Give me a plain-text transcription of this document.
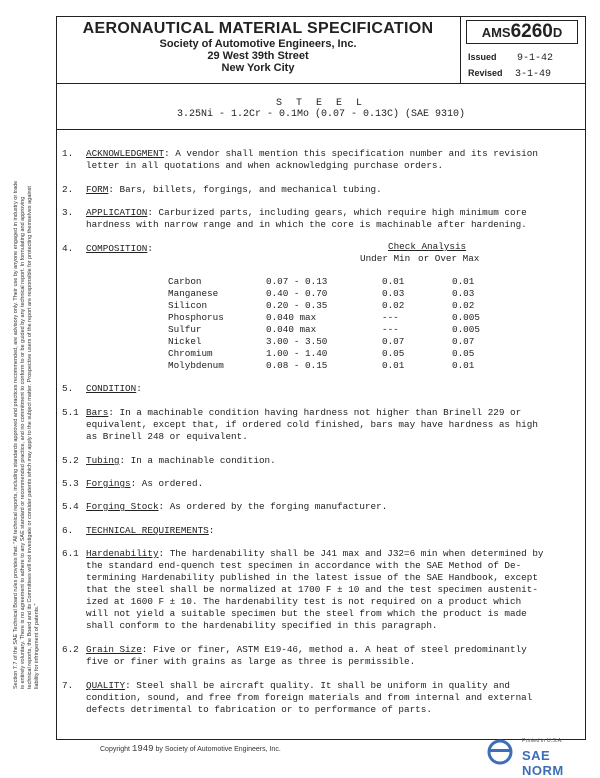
AERONAUTICAL MATERIAL SPECIFICATION
Society of Automotive Engineers, Inc.
29 West 39th Street
New York City
AMS6260D
Issued 9-1-42
Revised 3-1-49
S T E E L
3.25Ni - 1.2Cr - 0.1Mo (0.07 - 0.13C) (SAE 9310)
1. ACKNOWLEDGMENT: A vendor shall mention this specification number and its revision
letter in all quotations and when acknowledging purchase orders.
2. FORM: Bars, billets, forgings, and mechanical tubing.
3. APPLICATION: Carburized parts, including gears, which require high minimum core
hardness with narrow range and in which the core is machinable after hardening.
4. COMPOSITION:	Check Analysis
Under Min or Over Max
Carbon	0.07 - 0.13	0.01	0.01
Manganese	0.40 - 0.70	0.03	0.03
Silicon	0.20 - 0.35	0.02	0.02
Phosphorus	0.040 max	---	0.005
Sulfur	0.040 max	---	0.005
Nickel	3.00 - 3.50	0.07	0.07
Chromium	1.00 - 1.40	0.05	0.05
Molybdenum	0.08 - 0.15	0.01	0.01
5. CONDITION:
5.1 Bars: In a machinable condition having hardness not higher than Brinell 229 or
equivalent, except that, if ordered cold finished, bars may have hardness as high
as Brinell 248 or equivalent.
5.2 Tubing: In a machinable condition.
5.3 Forgings: As ordered.
5.4 Forging Stock: As ordered by the forging manufacturer.
6. TECHNICAL REQUIREMENTS:
6.1 Hardenability: The hardenability shall be J41 max and J32=6 min when determined by
the standard end-quench test specimen in accordance with the SAE Method of De-
termining Hardenability published in the latest issue of the SAE Handbook, except
that the steel shall be normalized at 1700 F ± 10 and the test specimen austenit-
ized at 1600 F ± 10. The hardenability test is not required on a product which
will not yield a suitable specimen but the steel from which the product is made
shall conform to the hardenability specified in this paragraph.
6.2 Grain Size: Five or finer, ASTM E19-46, method a. A heat of steel predominantly
five or finer with grains as large as three is permissible.
7. QUALITY: Steel shall be aircraft quality. It shall be uniform in quality and
condition, sound, and free from foreign materials and from internal and external
defects detrimental to fabrication or to performance of parts.
Section 7.7 of the SAE Technical Board rules provides that: "All technical reports, including standards approved and practices recommended, are advisory only. Their use by anyone engaged in industry or trade is entirely voluntary. There is no agreement to adhere to any SAE standard or recommended practice, and no commitment to conform to or be guided by any technical report. In formulating and approving technical reports, the Board and its Committees will not investigate or consider patents which may apply to the subject matter. Prospective users of the report are responsible for protecting themselves against liability for infringement of patents."
Copyright 1949 by Society of Automotive Engineers, Inc.
Printed in U.S.A.
SAE NORM
